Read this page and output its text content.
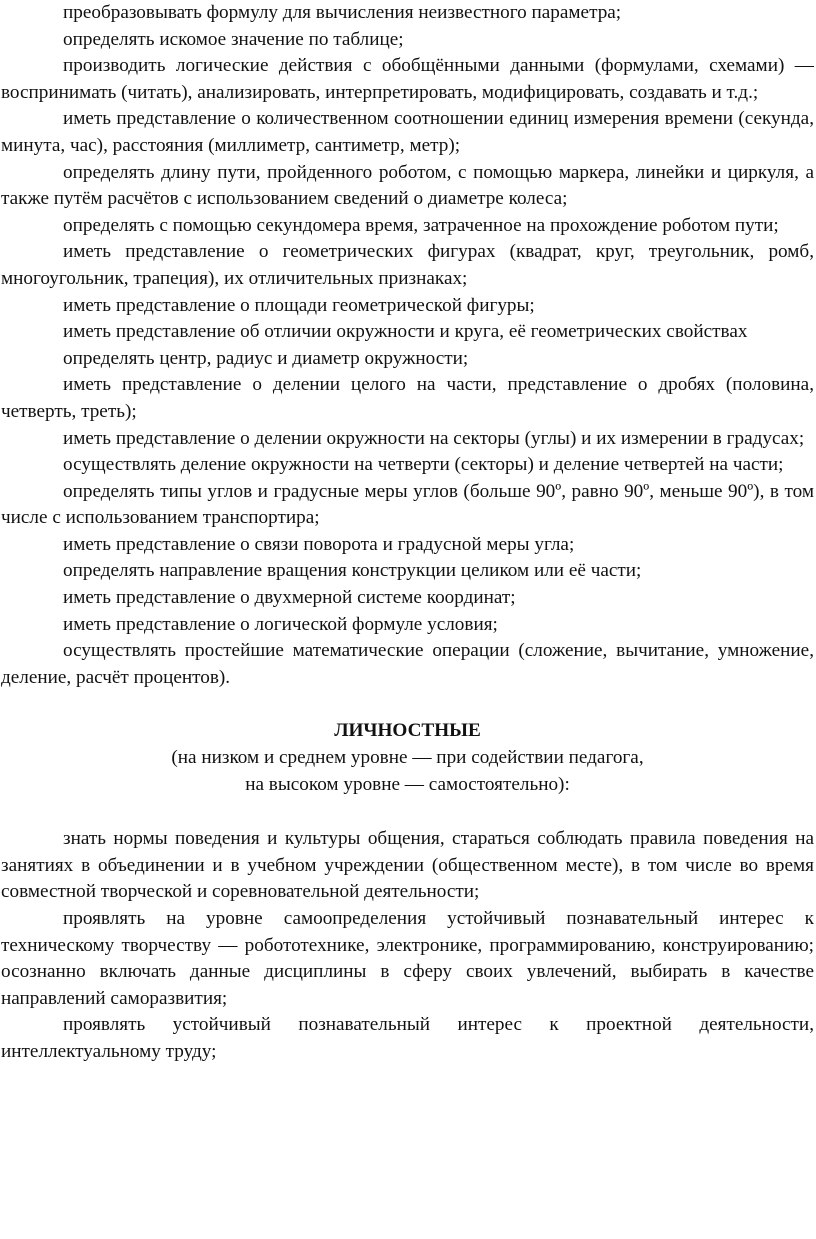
преобразовывать формулу для вычисления неизвестного параметра;

определять искомое значение по таблице;

производить логические действия с обобщёнными данными (формулами, схемами) — воспринимать (читать), анализировать, интерпретировать, модифицировать, создавать и т.д.;

иметь представление о количественном соотношении единиц измерения времени (секунда, минута, час), расстояния (миллиметр, сантиметр, метр);

определять длину пути, пройденного роботом, с помощью маркера, линейки и циркуля, а также путём расчётов с использованием сведений о диаметре колеса;

определять с помощью секундомера время, затраченное на прохождение роботом пути;

иметь представление о геометрических фигурах (квадрат, круг, треугольник, ромб, многоугольник, трапеция), их отличительных признаках;

иметь представление о площади геометрической фигуры;

иметь представление об отличии окружности и круга, её геометрических свойствах

определять центр, радиус и диаметр окружности;

иметь представление о делении целого на части, представление о дробях (половина, четверть, треть);

иметь представление о делении окружности на секторы (углы) и их измерении в градусах;

осуществлять деление окружности на четверти (секторы) и деление четвертей на части;

определять типы углов и градусные меры углов (больше 90º, равно 90º, меньше 90º), в том числе с использованием транспортира;

иметь представление о связи поворота и градусной меры угла;

определять направление вращения конструкции целиком или её части;

иметь представление о двухмерной системе координат;

иметь представление о логической формуле условия;

осуществлять простейшие математические операции (сложение, вычитание, умножение, деление, расчёт процентов).

ЛИЧНОСТНЫЕ

(на низком и среднем уровне — при содействии педагога,

на высоком уровне — самостоятельно):

знать нормы поведения и культуры общения, стараться соблюдать правила поведения на занятиях в объединении и в учебном учреждении (общественном месте), в том числе во время совместной творческой и соревновательной деятельности;

проявлять на уровне самоопределения устойчивый познавательный интерес к техническому творчеству — робототехнике, электронике, программированию, конструированию; осознанно включать данные дисциплины в сферу своих увлечений, выбирать в качестве направлений саморазвития;

проявлять устойчивый познавательный интерес к проектной деятельности, интеллектуальному труду;
